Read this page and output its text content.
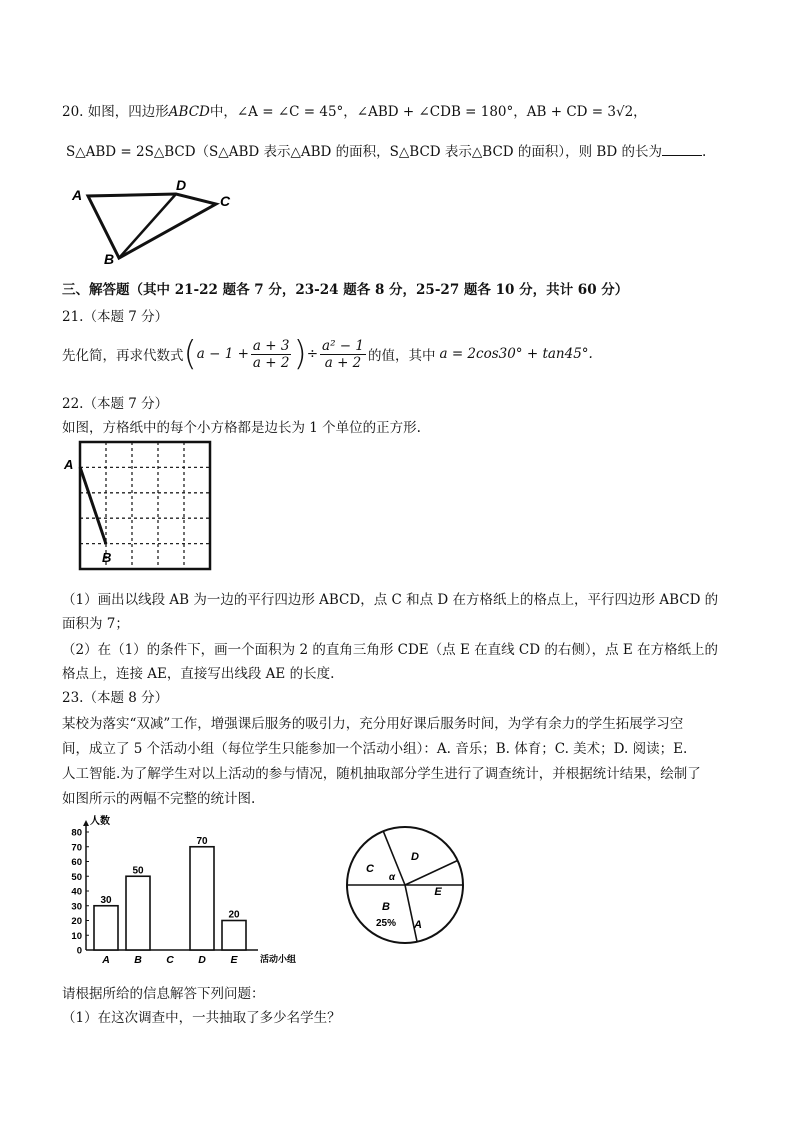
20. 如图，四边形ABCD中，∠A = ∠C = 45°，∠ABD + ∠CDB = 180°，AB + CD = 3√2，
S△ABD = 2S△BCD（S△ABD 表示△ABD 的面积，S△BCD 表示△BCD 的面积），则 BD 的长为	.
A
D
C
B
三、解答题（其中 21-22 题各 7 分，23-24 题各 8 分，25-27 题各 10 分，共计 60 分）
21.（本题 7 分）
先化简，再求代数式 ( $a - 1 + \frac{a + 3}{a + 2}$ ) ÷ $\frac{\text{a² − 1}}{a + 2}$ 的值，其中 a = 2cos30° + tan45°.
22.（本题 7 分）
如图，方格纸中的每个小方格都是边长为 1 个单位的正方形.
A
B
（1）画出以线段 AB 为一边的平行四边形 ABCD，点 C 和点 D 在方格纸上的格点上，平行四边形 ABCD 的
面积为 7；
（2）在（1）的条件下，画一个面积为 2 的直角三角形 CDE（点 E 在直线 CD 的右侧），点 E 在方格纸上的
格点上，连接 AE，直接写出线段 AE 的长度.
23.（本题 8 分）
某校为落实“双减”工作，增强课后服务的吸引力，充分用好课后服务时间，为学有余力的学生拓展学习空
间，成立了 5 个活动小组（每位学生只能参加一个活动小组）：A. 音乐；B. 体育；C. 美术；D. 阅读；E.
人工智能.为了解学生对以上活动的参与情况，随机抽取部分学生进行了调查统计，并根据统计结果，绘制了
如图所示的两幅不完整的统计图.
人数
活动小组
0
10
20
30
40
50
60
70
80
30
A
50
B C
70
D
20
E
C
D
E
A
B
25%
α
请根据所给的信息解答下列问题：
（1）在这次调查中，一共抽取了多少名学生？
